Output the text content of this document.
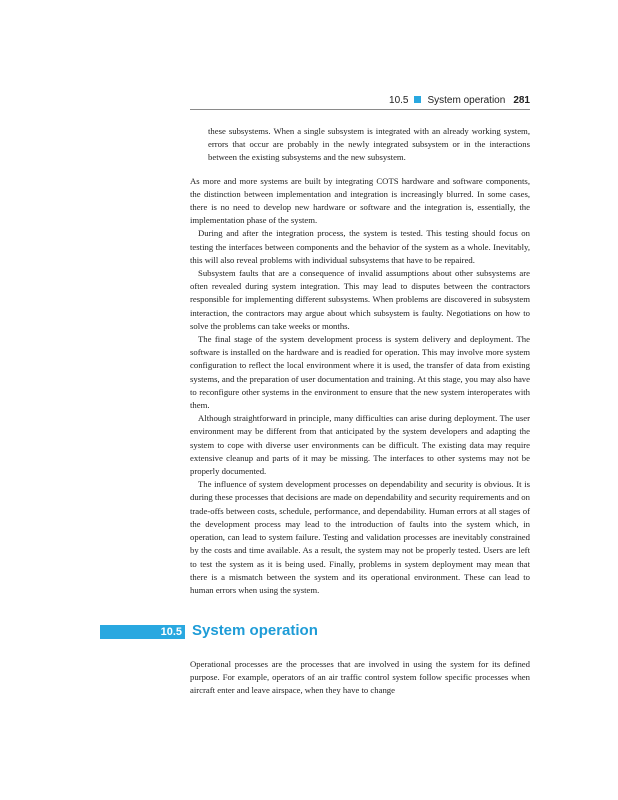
10.5 System operation 281

these subsystems. When a single subsystem is integrated with an already working system, errors that occur are probably in the newly integrated subsystem or in the interactions between the existing subsystems and the new subsystem.

As more and more systems are built by integrating COTS hardware and software components, the distinction between implementation and integration is increasingly blurred. In some cases, there is no need to develop new hardware or software and the integration is, essentially, the implementation phase of the system.

During and after the integration process, the system is tested. This testing should focus on testing the interfaces between components and the behavior of the system as a whole. Inevitably, this will also reveal problems with individual subsystems that have to be repaired.

Subsystem faults that are a consequence of invalid assumptions about other subsystems are often revealed during system integration. This may lead to disputes between the contractors responsible for implementing different subsystems. When problems are discovered in subsystem interaction, the contractors may argue about which subsystem is faulty. Negotiations on how to solve the problems can take weeks or months.

The final stage of the system development process is system delivery and deployment. The software is installed on the hardware and is readied for operation. This may involve more system configuration to reflect the local environment where it is used, the transfer of data from existing systems, and the preparation of user documentation and training. At this stage, you may also have to reconfigure other systems in the environment to ensure that the new system interoperates with them.

Although straightforward in principle, many difficulties can arise during deployment. The user environment may be different from that anticipated by the system developers and adapting the system to cope with diverse user environments can be difficult. The existing data may require extensive cleanup and parts of it may be missing. The interfaces to other systems may not be properly documented.

The influence of system development processes on dependability and security is obvious. It is during these processes that decisions are made on dependability and security requirements and on trade-offs between costs, schedule, performance, and dependability. Human errors at all stages of the development process may lead to the introduction of faults into the system which, in operation, can lead to system failure. Testing and validation processes are inevitably constrained by the costs and time available. As a result, the system may not be properly tested. Users are left to test the system as it is being used. Finally, problems in system deployment may mean that there is a mismatch between the system and its operational environment. These can lead to human errors when using the system.

10.5 System operation

Operational processes are the processes that are involved in using the system for its defined purpose. For example, operators of an air traffic control system follow specific processes when aircraft enter and leave airspace, when they have to change
